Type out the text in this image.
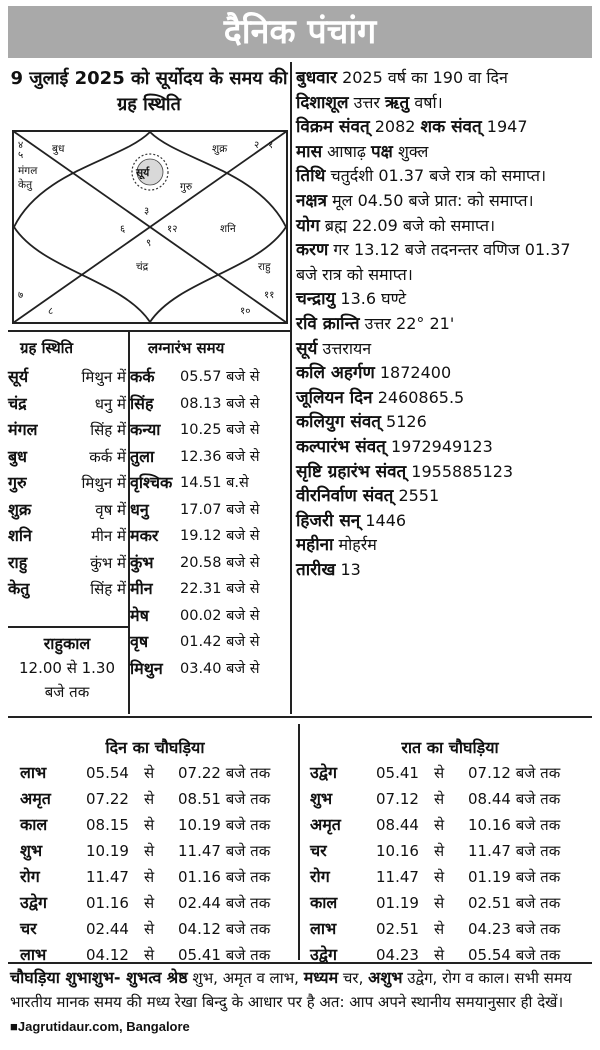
दैनिक पंचांग
9 जुलाई 2025 को सूर्योदय के समय की ग्रह स्थिति
३
२ १
४
६	१२
९
७
८	१०
११
५
बुध	शुक्र
सूर्य
मंगल
केतु	गुरु
शनि
चंद्र	राहु
बुधवार 2025 वर्ष का 190 वा दिन
दिशाशूल उत्तर ऋतु वर्षा।
विक्रम संवत् 2082 शक संवत् 1947
मास आषाढ़ पक्ष शुक्ल
तिथि चतुर्दशी 01.37 बजे रात्र को समाप्त।
नक्षत्र मूल 04.50 बजे प्रात: को समाप्त।
योग ब्रह्म 22.09 बजे को समाप्त।
करण गर 13.12 बजे तदनन्तर वणिज 01.37 बजे रात्र को समाप्त।
चन्द्रायु 13.6 घण्टे
रवि क्रान्ति उत्तर 22° 21'
सूर्य उत्तरायन
कलि अहर्गण 1872400
जूलियन दिन 2460865.5
कलियुग संवत् 5126
कल्पारंभ संवत् 1972949123
सृष्टि ग्रहारंभ संवत् 1955885123
वीरनिर्वाण संवत् 2551
हिजरी सन् 1446
महीना मोहर्रम
तारीख 13
ग्रह स्थिति	लग्नारंभ समय
सूर्य	मिथुन में
चंद्र	धनु में
मंगल	सिंह में
बुध	कर्क में
गुरु	मिथुन में
शुक्र	वृष में
शनि	मीन में
राहु	कुंभ में
केतु	सिंह में
कर्क	05.57 बजे से
सिंह	08.13 बजे से
कन्या	10.25 बजे से
तुला	12.36 बजे से
वृश्चिक 14.51 ब.से
धनु	17.07 बजे से
मकर	19.12 बजे से
कुंभ	20.58 बजे से
मीन	22.31 बजे से
मेष	00.02 बजे से
वृष	01.42 बजे से
मिथुन	03.40 बजे से
राहुकाल
12.00 से 1.30
बजे तक
दिन का चौघड़िया	रात का चौघड़िया
लाभ	05.54	से	07.22 बजे तक
अमृत	07.22	से	08.51 बजे तक
काल	08.15	से	10.19 बजे तक
शुभ	10.19	से	11.47 बजे तक
रोग	11.47	से	01.16 बजे तक
उद्वेग	01.16	से	02.44 बजे तक
चर	02.44	से	04.12 बजे तक
लाभ	04.12	से	05.41 बजे तक
उद्वेग	05.41	से	07.12 बजे तक
शुभ	07.12	से	08.44 बजे तक
अमृत	08.44	से	10.16 बजे तक
चर	10.16	से	11.47 बजे तक
रोग	11.47	से	01.19 बजे तक
काल	01.19	से	02.51 बजे तक
लाभ	02.51	से	04.23 बजे तक
उद्वेग	04.23	से	05.54 बजे तक
चौघड़िया शुभाशुभ- शुभत्व श्रेष्ठ शुभ, अमृत व लाभ, मध्यम चर, अशुभ उद्वेग, रोग व काल। सभी समय भारतीय मानक समय की मध्य रेखा बिन्दु के आधार पर है अत: आप अपने स्थानीय समयानुसार ही देखें। ■Jagrutidaur.com, Bangalore
